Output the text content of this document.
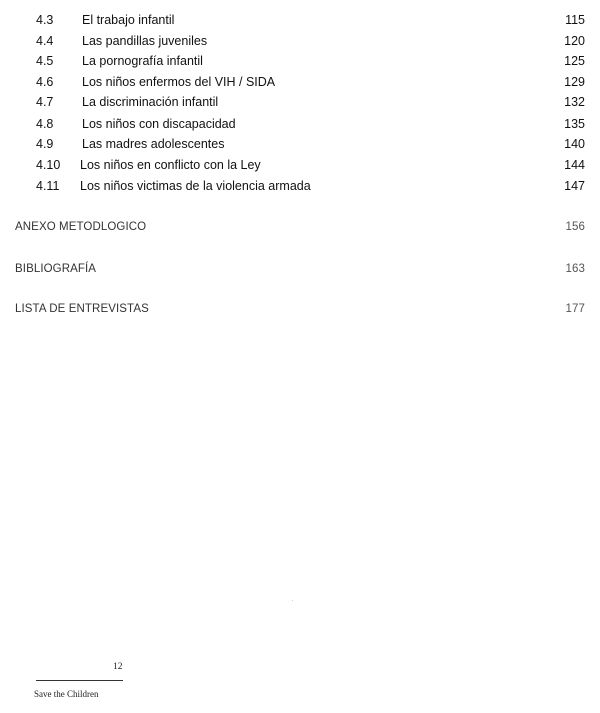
4.3 El trabajo infantil	115
4.4 Las pandillas juveniles	120
4.5 La pornografía infantil	125
4.6 Los niños enfermos del VIH / SIDA	129
4.7 La discriminación infantil	132
4.8 Los niños con discapacidad	135
4.9 Las madres adolescentes	140
4.10 Los niños en conflicto con la Ley	144
4.11 Los niños victimas de la violencia armada	147
ANEXO METODLOGICO	156
BIBLIOGRAFÍA	163
LISTA DE ENTREVISTAS	177
12
Save the Children
